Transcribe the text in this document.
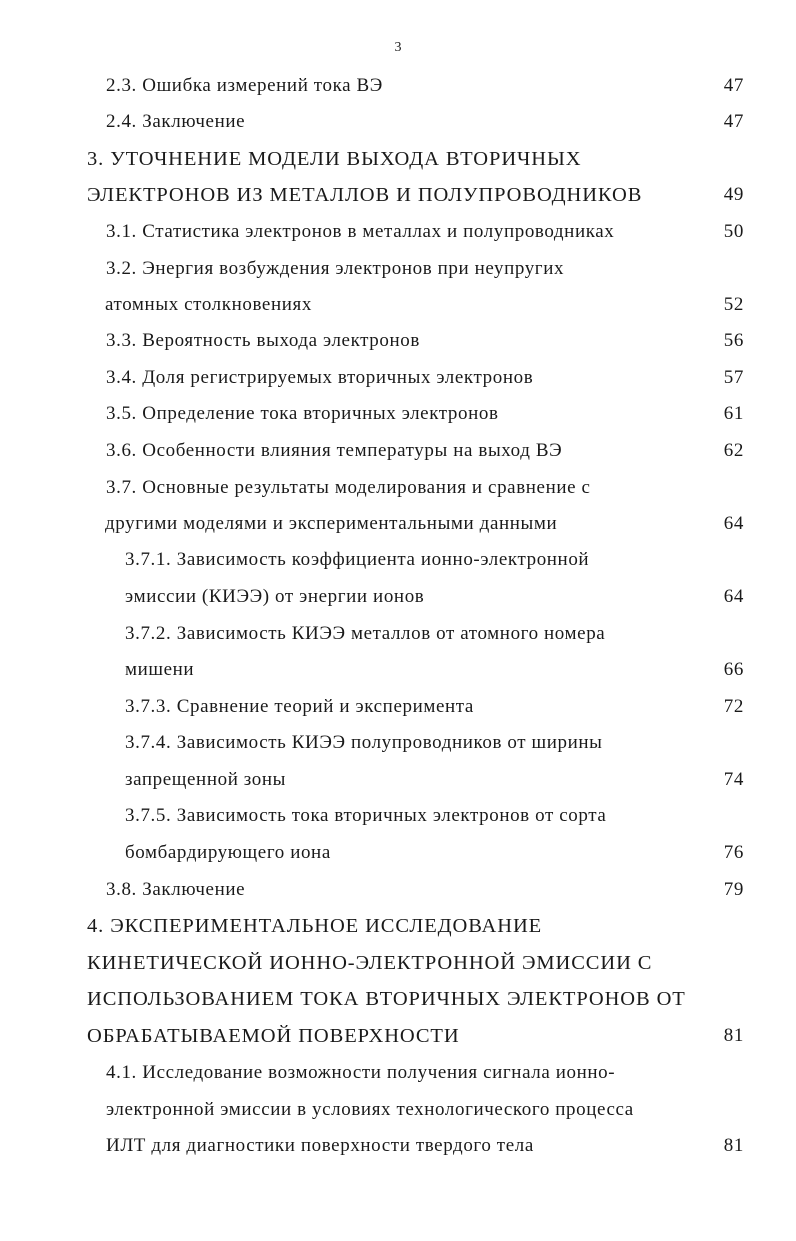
3
2.3. Ошибка измерений тока ВЭ	47
2.4. Заключение	47
3. УТОЧНЕНИЕ МОДЕЛИ ВЫХОДА ВТОРИЧНЫХ
ЭЛЕКТРОНОВ ИЗ МЕТАЛЛОВ И ПОЛУПРОВОДНИКОВ	49
3.1. Статистика электронов в металлах и полупроводниках	50
3.2. Энергия возбуждения электронов при неупругих
атомных столкновениях	52
3.3. Вероятность выхода электронов	56
3.4. Доля регистрируемых вторичных электронов	57
3.5. Определение тока вторичных электронов	61
3.6. Особенности влияния температуры на выход ВЭ	62
3.7. Основные результаты моделирования и сравнение с
другими моделями и экспериментальными данными	64
3.7.1. Зависимость коэффициента ионно-электронной
эмиссии (КИЭЭ) от энергии ионов	64
3.7.2. Зависимость КИЭЭ металлов от атомного номера
мишени	66
3.7.3. Сравнение теорий и эксперимента	72
3.7.4. Зависимость КИЭЭ полупроводников от ширины
запрещенной зоны	74
3.7.5. Зависимость тока вторичных электронов от сорта
бомбардирующего иона	76
3.8. Заключение	79
4. ЭКСПЕРИМЕНТАЛЬНОЕ ИССЛЕДОВАНИЕ
КИНЕТИЧЕСКОЙ ИОННО-ЭЛЕКТРОННОЙ ЭМИССИИ С
ИСПОЛЬЗОВАНИЕМ ТОКА ВТОРИЧНЫХ ЭЛЕКТРОНОВ ОТ
ОБРАБАТЫВАЕМОЙ ПОВЕРХНОСТИ	81
4.1. Исследование возможности получения сигнала ионно-
электронной эмиссии в условиях технологического процесса
ИЛТ для диагностики поверхности твердого тела	81
